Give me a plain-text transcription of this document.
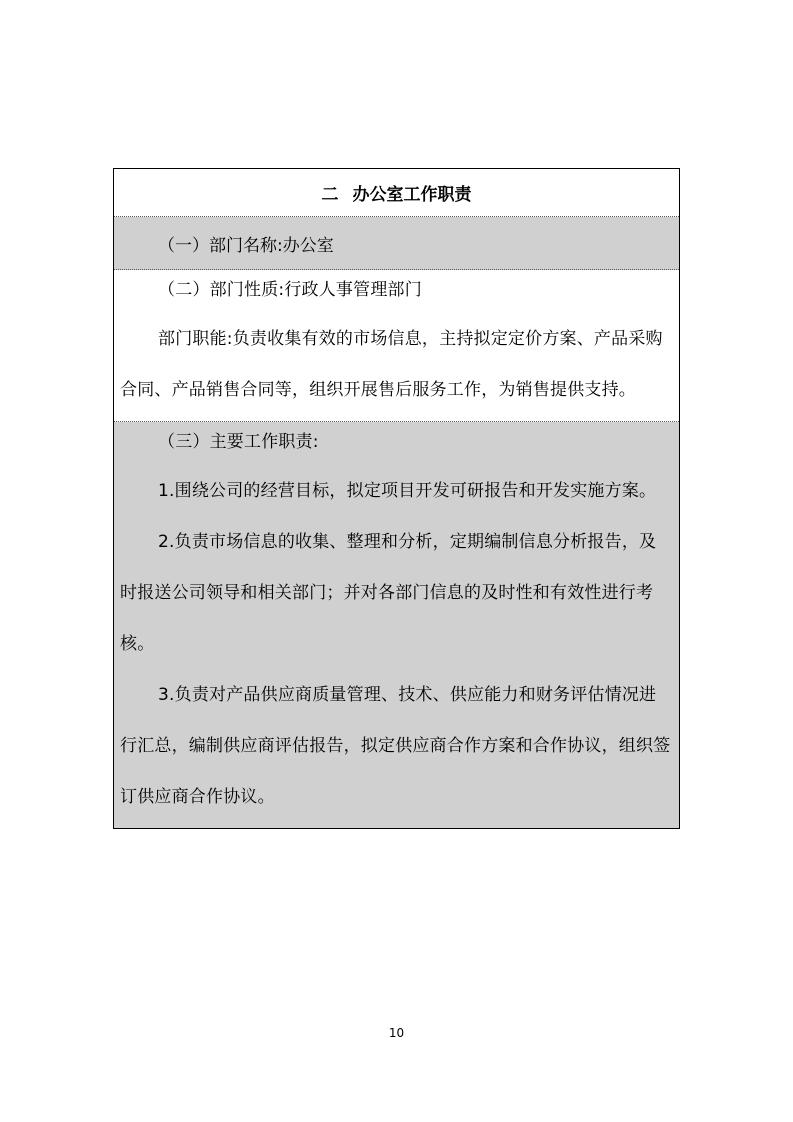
二 办公室工作职责
（一）部门名称:办公室

（二）部门性质:行政人事管理部门

部门职能:负责收集有效的市场信息，主持拟定定价方案、产品采购合同、产品销售合同等，组织开展售后服务工作，为销售提供支持。

（三）主要工作职责:

1.围绕公司的经营目标，拟定项目开发可研报告和开发实施方案。

2.负责市场信息的收集、整理和分析，定期编制信息分析报告，及时报送公司领导和相关部门；并对各部门信息的及时性和有效性进行考核。

3.负责对产品供应商质量管理、技术、供应能力和财务评估情况进行汇总，编制供应商评估报告，拟定供应商合作方案和合作协议，组织签订供应商合作协议。

10
